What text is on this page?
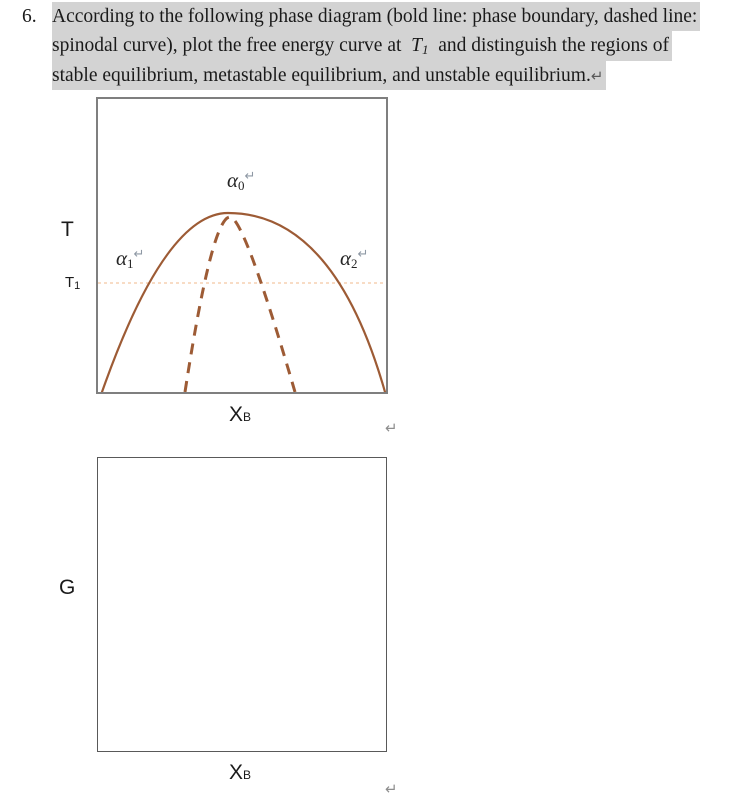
6. According to the following phase diagram (bold line: phase boundary, dashed line:
spinodal curve), plot the free energy curve at  T1  and distinguish the regions of
stable equilibrium, metastable equilibrium, and unstable equilibrium.↵
T
T1
α0↵
α1↵	α2↵
XB
↵
G
XB
↵
